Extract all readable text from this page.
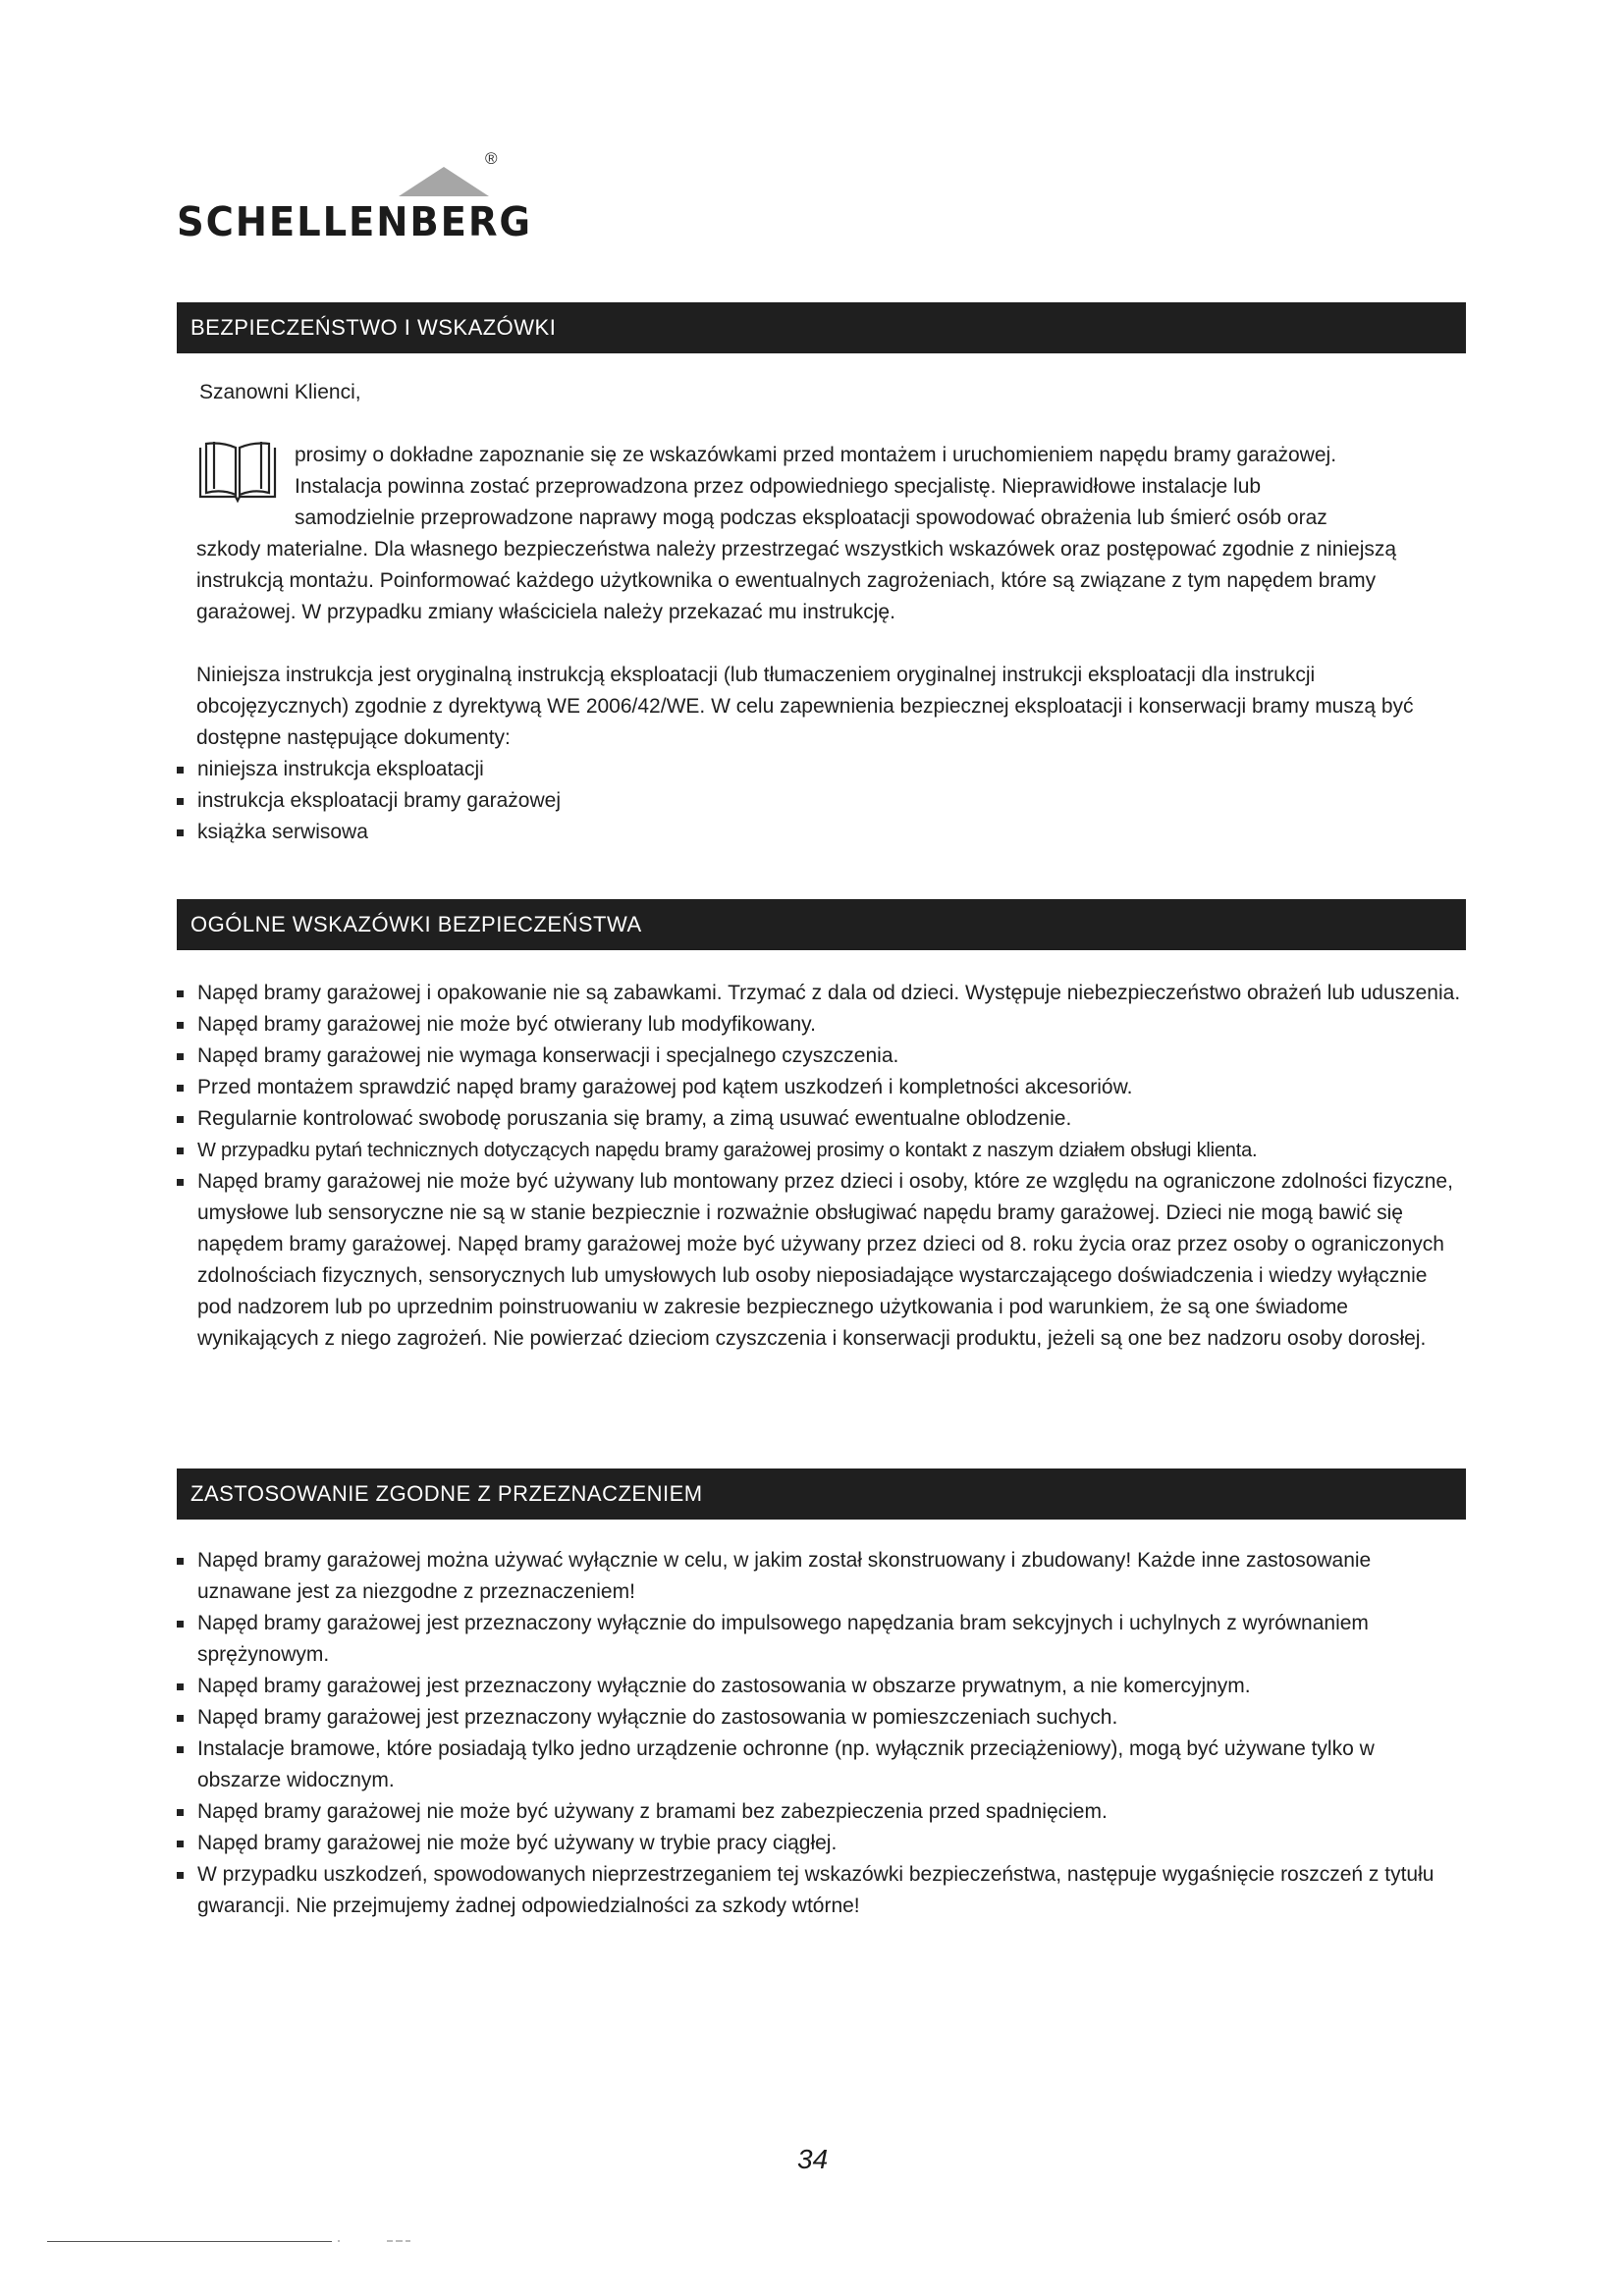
®
SCHELLENBERG
BEZPIECZEŃSTWO I WSKAZÓWKI
Szanowni Klienci,

prosimy o dokładne zapoznanie się ze wskazówkami przed montażem i uruchomieniem napędu bramy garażowej.

Instalacja powinna zostać przeprowadzona przez odpowiedniego specjalistę. Nieprawidłowe instalacje lub

samodzielnie przeprowadzone naprawy mogą podczas eksploatacji spowodować obrażenia lub śmierć osób oraz

szkody materialne. Dla własnego bezpieczeństwa należy przestrzegać wszystkich wskazówek oraz postępować zgodnie z niniejszą instrukcją montażu. Poinformować każdego użytkownika o ewentualnych zagrożeniach, które są związane z tym napędem bramy garażowej. W przypadku zmiany właściciela należy przekazać mu instrukcję.

Niniejsza instrukcja jest oryginalną instrukcją eksploatacji (lub tłumaczeniem oryginalnej instrukcji eksploatacji dla instrukcji obcojęzycznych) zgodnie z dyrektywą WE 2006/42/WE. W celu zapewnienia bezpiecznej eksploatacji i konserwacji bramy muszą być dostępne następujące dokumenty:
niniejsza instrukcja eksploatacji
instrukcja eksploatacji bramy garażowej
książka serwisowa
OGÓLNE WSKAZÓWKI BEZPIECZEŃSTWA
Napęd bramy garażowej i opakowanie nie są zabawkami. Trzymać z dala od dzieci. Występuje niebezpieczeństwo obrażeń lub uduszenia.
Napęd bramy garażowej nie może być otwierany lub modyfikowany.
Napęd bramy garażowej nie wymaga konserwacji i specjalnego czyszczenia.
Przed montażem sprawdzić napęd bramy garażowej pod kątem uszkodzeń i kompletności akcesoriów.
Regularnie kontrolować swobodę poruszania się bramy, a zimą usuwać ewentualne oblodzenie.
W przypadku pytań technicznych dotyczących napędu bramy garażowej prosimy o kontakt z naszym działem obsługi klienta.
Napęd bramy garażowej nie może być używany lub montowany przez dzieci i osoby, które ze względu na ograniczone zdolności fizyczne, umysłowe lub sensoryczne nie są w stanie bezpiecznie i rozważnie obsługiwać napędu bramy garażowej. Dzieci nie mogą bawić się napędem bramy garażowej. Napęd bramy garażowej może być używany przez dzieci od 8. roku życia oraz przez osoby o ograniczonych zdolnościach fizycznych, sensorycznych lub umysłowych lub osoby nieposiadające wystarczającego doświadczenia i wiedzy wyłącznie pod nadzorem lub po uprzednim poinstruowaniu w zakresie bezpiecznego użytkowania i pod warunkiem, że są one świadome wynikających z niego zagrożeń. Nie powierzać dzieciom czyszczenia i konserwacji produktu, jeżeli są one bez nadzoru osoby dorosłej.
ZASTOSOWANIE ZGODNE Z PRZEZNACZENIEM
Napęd bramy garażowej można używać wyłącznie w celu, w jakim został skonstruowany i zbudowany! Każde inne zastosowanie uznawane jest za niezgodne z przeznaczeniem!
Napęd bramy garażowej jest przeznaczony wyłącznie do impulsowego napędzania bram sekcyjnych i uchylnych z wyrównaniem sprężynowym.
Napęd bramy garażowej jest przeznaczony wyłącznie do zastosowania w obszarze prywatnym, a nie komercyjnym.
Napęd bramy garażowej jest przeznaczony wyłącznie do zastosowania w pomieszczeniach suchych.
Instalacje bramowe, które posiadają tylko jedno urządzenie ochronne (np. wyłącznik przeciążeniowy), mogą być używane tylko w obszarze widocznym.
Napęd bramy garażowej nie może być używany z bramami bez zabezpieczenia przed spadnięciem.
Napęd bramy garażowej nie może być używany w trybie pracy ciągłej.
W przypadku uszkodzeń, spowodowanych nieprzestrzeganiem tej wskazówki bezpieczeństwa, następuje wygaśnięcie roszczeń z tytułu gwarancji. Nie przejmujemy żadnej odpowiedzialności za szkody wtórne!
34
